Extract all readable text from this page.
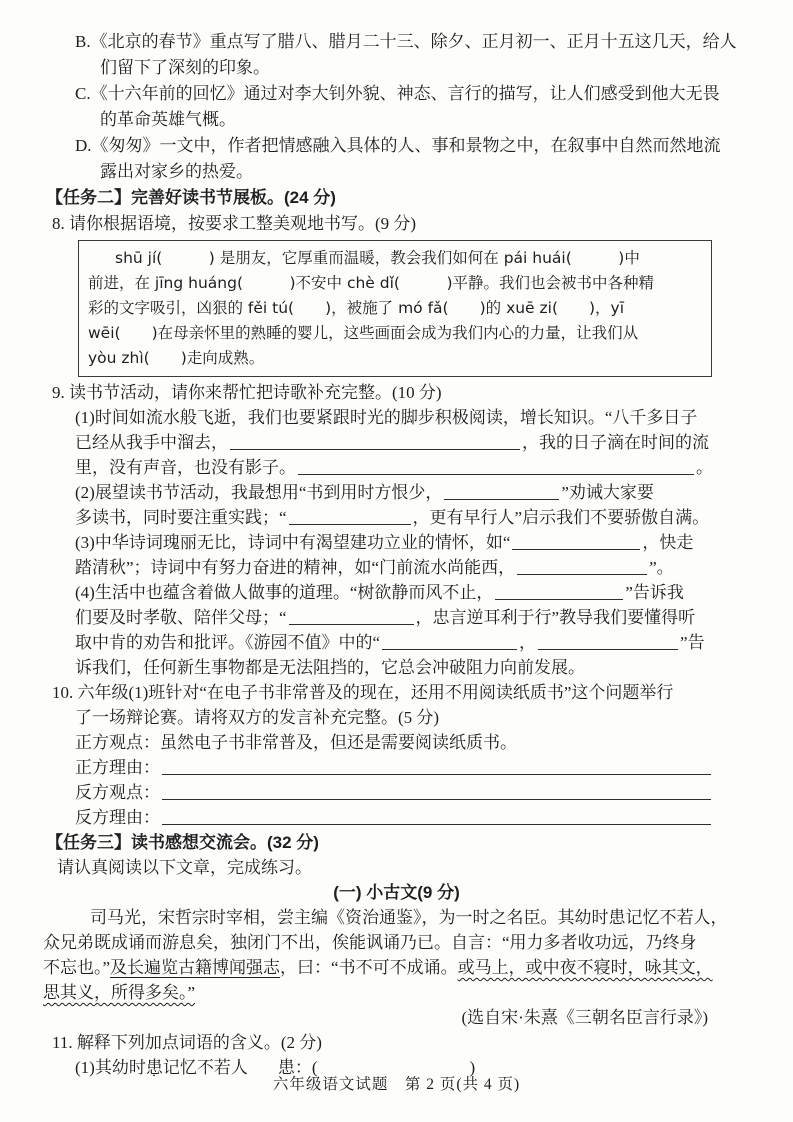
B.《北京的春节》重点写了腊八、腊月二十三、除夕、正月初一、正月十五这几天，给人
们留下了深刻的印象。
C.《十六年前的回忆》通过对李大钊外貌、神态、言行的描写，让人们感受到他大无畏
的革命英雄气概。
D.《匆匆》一文中，作者把情感融入具体的人、事和景物之中，在叙事中自然而然地流
露出对家乡的热爱。
【任务二】完善好读书节展板。(24 分)
8. 请你根据语境，按要求工整美观地书写。(9 分)
shū jí(　　　) 是朋友，它厚重而温暖，教会我们如何在 pái huái(　　　)中
前进，在 jīng huáng(　　　)不安中 chè dǐ(　　　)平静。我们也会被书中各种精
彩的文字吸引，凶狠的 fěi tú(　　)，被施了 mó fǎ(　　)的 xuē zi(　　)，yī
wēi(　　)在母亲怀里的熟睡的婴儿，这些画面会成为我们内心的力量，让我们从
yòu zhì(　　)走向成熟。
9. 读书节活动，请你来帮忙把诗歌补充完整。(10 分)
(1)时间如流水般飞逝，我们也要紧跟时光的脚步积极阅读，增长知识。“八千多日子
已经从我手中溜去，	，我的日子滴在时间的流
里，没有声音，也没有影子。	。
(2)展望读书节活动，我最想用“书到用时方恨少，	”劝诫大家要
多读书，同时要注重实践；“	，更有早行人”启示我们不要骄傲自满。
(3)中华诗词瑰丽无比，诗词中有渴望建功立业的情怀，如“	，快走
踏清秋”；诗词中有努力奋进的精神，如“门前流水尚能西，	”。
(4)生活中也蕴含着做人做事的道理。“树欲静而风不止，	”告诉我
们要及时孝敬、陪伴父母；“	，忠言逆耳利于行”教导我们要懂得听
取中肯的劝告和批评。《游园不值》中的“	，	”告
诉我们，任何新生事物都是无法阻挡的，它总会冲破阻力向前发展。
10. 六年级(1)班针对“在电子书非常普及的现在，还用不用阅读纸质书”这个问题举行
了一场辩论赛。请将双方的发言补充完整。(5 分)
正方观点：虽然电子书非常普及，但还是需要阅读纸质书。
正方理由：
反方观点：
反方理由：
【任务三】读书感想交流会。(32 分)
请认真阅读以下文章，完成练习。
(一) 小古文(9 分)
司马光，宋哲宗时宰相，尝主编《资治通鉴》，为一时之名臣。其幼时患记忆不若人，
众兄弟既成诵而游息矣，独闭门不出，俟能讽诵乃已。自言：“用力多者收功远，乃终身
不忘也。”及长遍览古籍博闻强志，曰：“书不可不成诵。或马上，或中夜不寝时，咏其文，
思其义，所得多矣。”
(选自宋·朱熹《三朝名臣言行录》)
11. 解释下列加点词语的含义。(2 分)
(1)其幼时患记忆不若人 患：(	)
六年级语文试题　第 2 页(共 4 页)
